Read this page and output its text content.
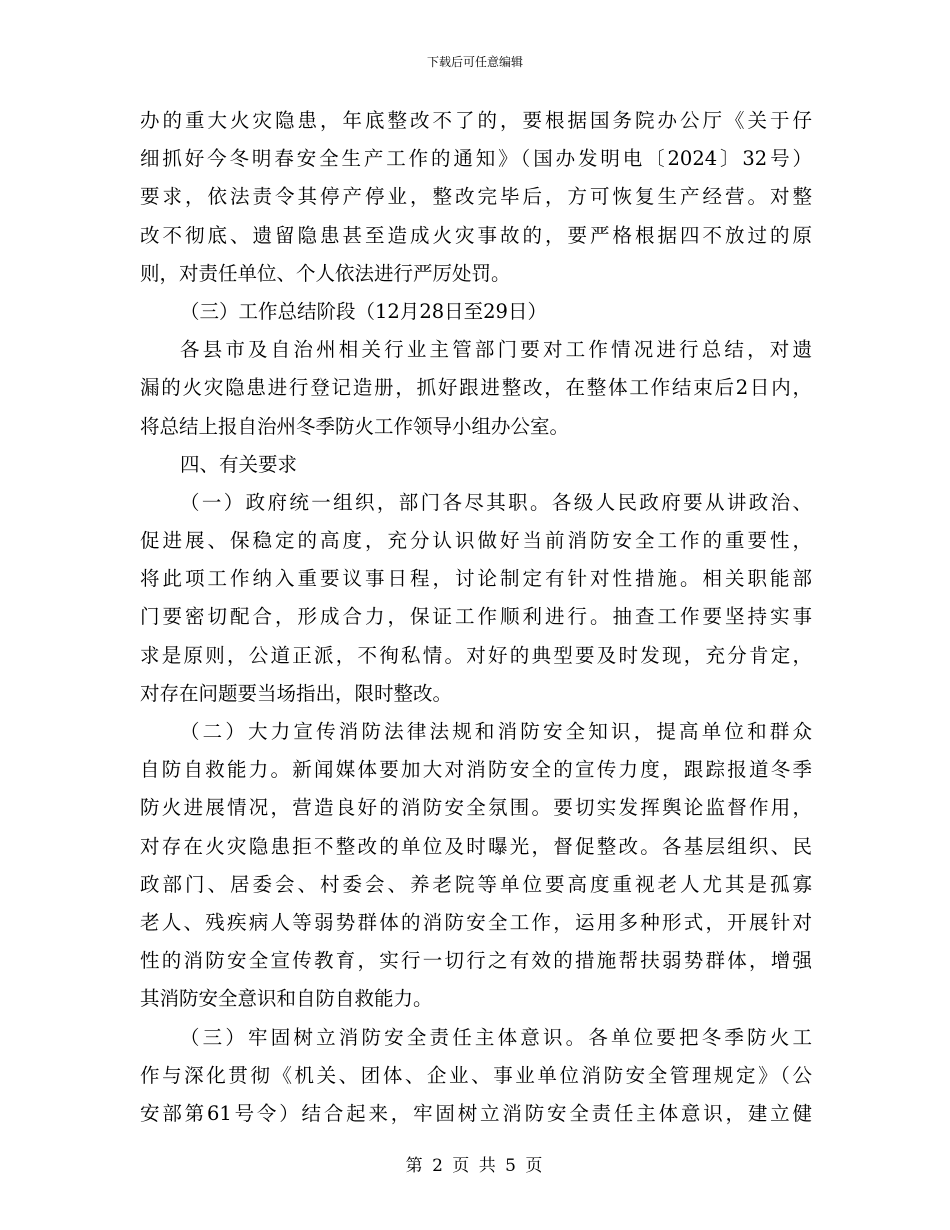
下载后可任意编辑
办的重大火灾隐患，年底整改不了的，要根据国务院办公厅《关于仔
细抓好今冬明春安全生产工作的通知》（国办发明电〔2024〕32号）
要求，依法责令其停产停业，整改完毕后，方可恢复生产经营。对整
改不彻底、遗留隐患甚至造成火灾事故的，要严格根据四不放过的原
则，对责任单位、个人依法进行严厉处罚。
（三）工作总结阶段（12月28日至29日）
各县市及自治州相关行业主管部门要对工作情况进行总结，对遗
漏的火灾隐患进行登记造册，抓好跟进整改，在整体工作结束后2日内，
将总结上报自治州冬季防火工作领导小组办公室。
四、有关要求
（一）政府统一组织，部门各尽其职。各级人民政府要从讲政治、
促进展、保稳定的高度，充分认识做好当前消防安全工作的重要性，
将此项工作纳入重要议事日程，讨论制定有针对性措施。相关职能部
门要密切配合，形成合力，保证工作顺利进行。抽查工作要坚持实事
求是原则，公道正派，不徇私情。对好的典型要及时发现，充分肯定，
对存在问题要当场指出，限时整改。
（二）大力宣传消防法律法规和消防安全知识，提高单位和群众
自防自救能力。新闻媒体要加大对消防安全的宣传力度，跟踪报道冬季
防火进展情况，营造良好的消防安全氛围。要切实发挥舆论监督作用，
对存在火灾隐患拒不整改的单位及时曝光，督促整改。各基层组织、民
政部门、居委会、村委会、养老院等单位要高度重视老人尤其是孤寡
老人、残疾病人等弱势群体的消防安全工作，运用多种形式，开展针对
性的消防安全宣传教育，实行一切行之有效的措施帮扶弱势群体，增强
其消防安全意识和自防自救能力。
（三）牢固树立消防安全责任主体意识。各单位要把冬季防火工
作与深化贯彻《机关、团体、企业、事业单位消防安全管理规定》（公
安部第61号令）结合起来，牢固树立消防安全责任主体意识，建立健
第 2 页 共 5 页
